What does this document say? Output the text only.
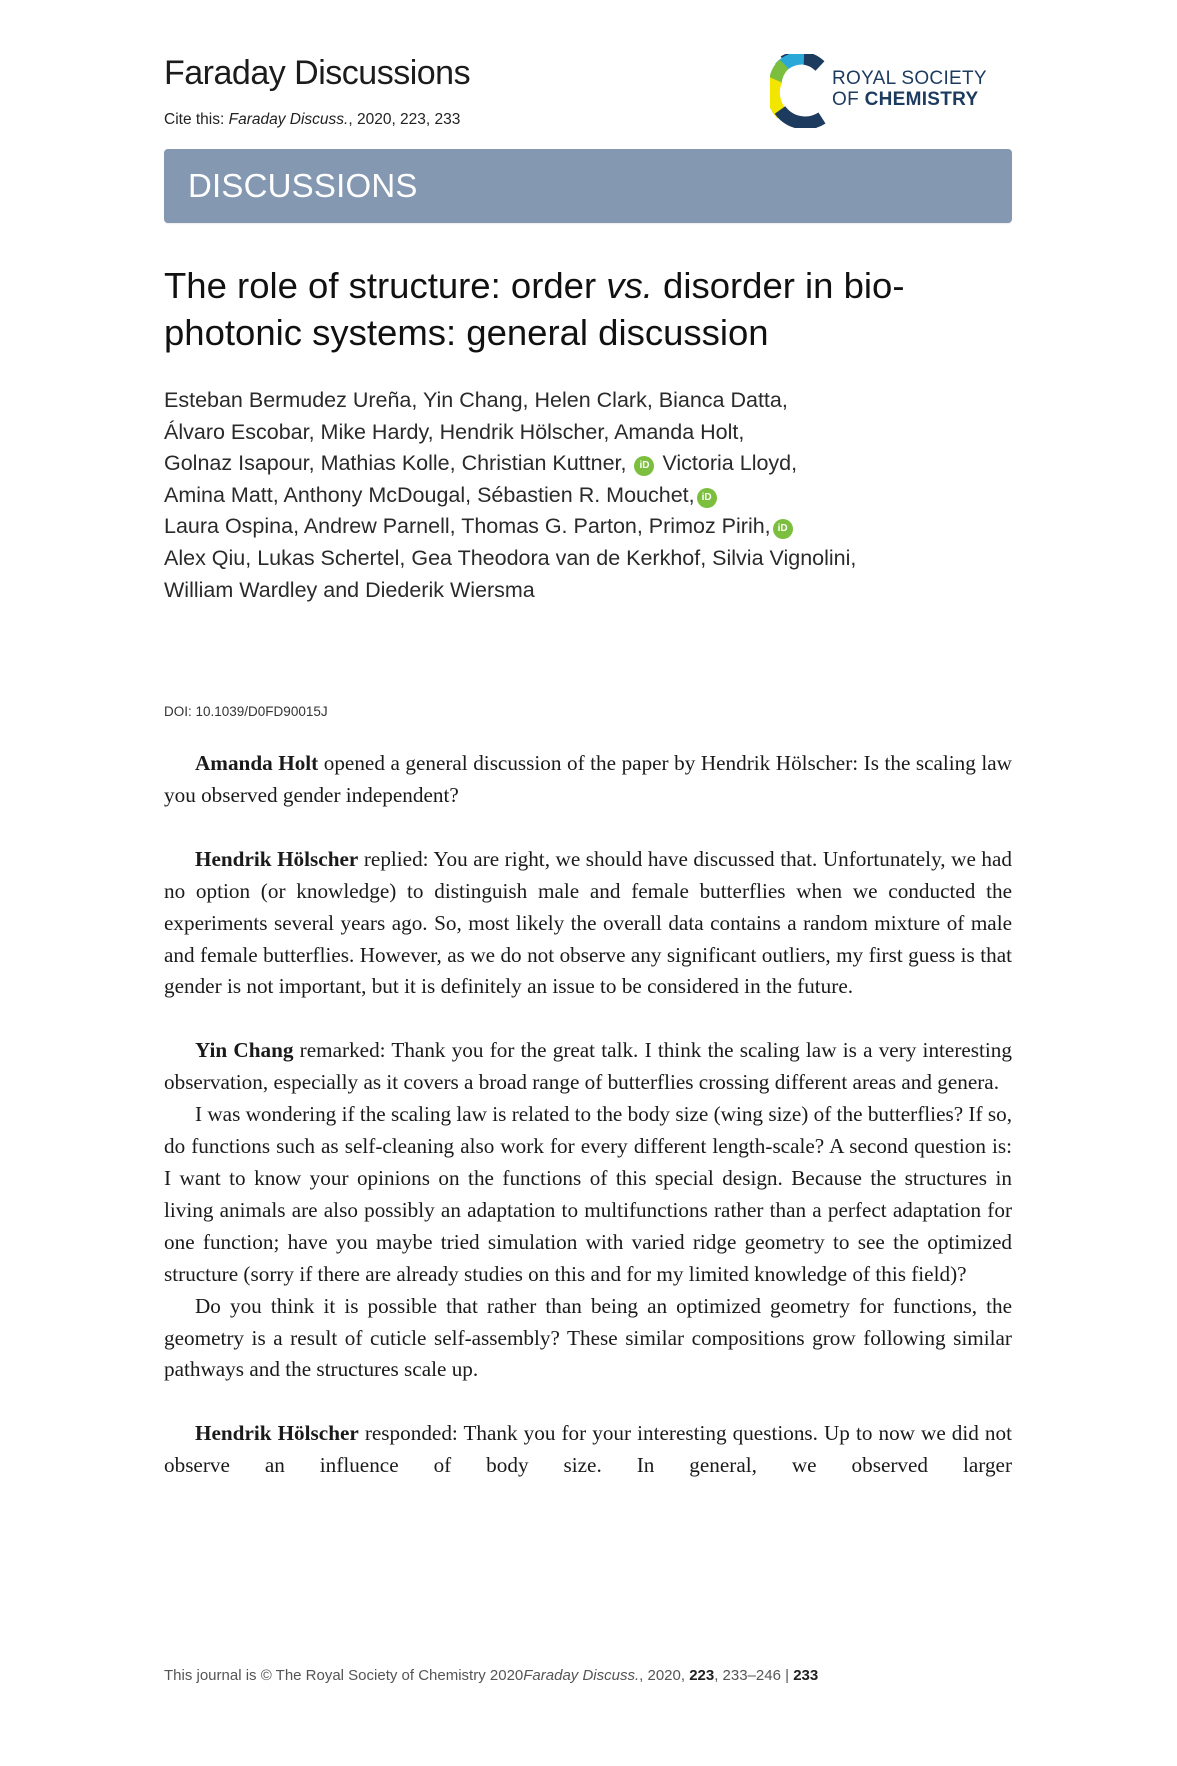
Faraday Discussions
Cite this: Faraday Discuss., 2020, 223, 233
ROYAL SOCIETY
OF CHEMISTRY
DISCUSSIONS
The role of structure: order vs. disorder in bio-photonic systems: general discussion
Esteban Bermudez Ureña, Yin Chang, Helen Clark, Bianca Datta,
Álvaro Escobar, Mike Hardy, Hendrik Hölscher, Amanda Holt,
Golnaz Isapour, Mathias Kolle, Christian Kuttner, iD Victoria Lloyd,
Amina Matt, Anthony McDougal, Sébastien R. Mouchet, iD
Laura Ospina, Andrew Parnell, Thomas G. Parton, Primoz Pirih, iD
Alex Qiu, Lukas Schertel, Gea Theodora van de Kerkhof, Silvia Vignolini,
William Wardley and Diederik Wiersma
DOI: 10.1039/D0FD90015J

Amanda Holt opened a general discussion of the paper by Hendrik Hölscher: Is the scaling law you observed gender independent?

Hendrik Hölscher replied: You are right, we should have discussed that. Unfortunately, we had no option (or knowledge) to distinguish male and female butterflies when we conducted the experiments several years ago. So, most likely the overall data contains a random mixture of male and female butterflies. However, as we do not observe any significant outliers, my first guess is that gender is not important, but it is definitely an issue to be considered in the future.

Yin Chang remarked: Thank you for the great talk. I think the scaling law is a very interesting observation, especially as it covers a broad range of butterflies crossing different areas and genera.

I was wondering if the scaling law is related to the body size (wing size) of the butterflies? If so, do functions such as self-cleaning also work for every different length-scale? A second question is: I want to know your opinions on the functions of this special design. Because the structures in living animals are also possibly an adaptation to multifunctions rather than a perfect adaptation for one function; have you maybe tried simulation with varied ridge geometry to see the optimized structure (sorry if there are already studies on this and for my limited knowledge of this field)?

Do you think it is possible that rather than being an optimized geometry for functions, the geometry is a result of cuticle self-assembly? These similar compositions grow following similar pathways and the structures scale up.

Hendrik Hölscher responded: Thank you for your interesting questions. Up to now we did not observe an influence of body size. In general, we observed larger

This journal is © The Royal Society of Chemistry 2020Faraday Discuss., 2020, 223, 233–246 | 233
